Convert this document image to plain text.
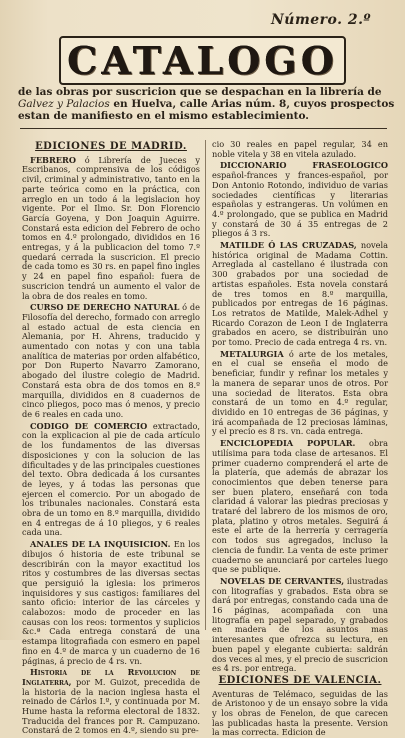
Número. 2.º
CATALOGO
de las obras por suscricion que se despachan en la librería de
Galvez y Palacios en Huelva, calle Arias núm. 8, cuyos prospectos
estan de manifiesto en el mismo establecimiento.
EDICIONES DE MADRID.

FEBRERO ó Librería de Jueces y Escribanos, comprensiva de los códigos civil, criminal y administrativo, tanto en la parte teórica como en la práctica, con arreglo en un todo á la legislacion hoy vigente. Por el Ilmo. Sr. Don Florencio García Goyena, y Don Joaquin Aguirre. Constará esta edicion del Febrero de ocho tomos en 4.º prolongado, divididos en 16 entregas, y á la publicacion del tomo 7.º quedará cerrada la suscricion. El precio de cada tomo es 30 rs. en papel fino ingles y 24 en papel fino español: fuera de suscricion tendrá un aumento el valor de la obra de dos reales en tomo.

CURSO DE DERECHO NATURAL ó de Filosofía del derecho, formado con arreglo al estado actual de esta ciencia en Alemania, por H. Ahrens, traducido y aumentado con notas y con una tabla analítica de materias por orden alfabético, por Don Ruperto Navarro Zamorano, abogado del ilustre colegio de Madrid. Constará esta obra de dos tomos en 8.º marquilla, divididos en 8 cuadernos de cinco pliegos, poco mas ó menos, y precio de 6 reales en cada uno.

CODIGO DE COMERCIO extractado, con la explicacion al pie de cada artículo de los fundamentos de las diversas disposiciones y con la solucion de las dificultades y de las principales cuestiones del texto. Obra dedicada á los cursantes de leyes, y á todas las personas que ejercen el comercio. Por un abogado de los tribunales nacionales. Constará esta obra de un tomo en 8.º marquilla, dividido en 4 entregas de á 10 pliegos, y 6 reales cada una.

ANALES DE LA INQUISICION. En los dibujos ó historia de este tribunal se describirán con la mayor exactitud los ritos y costumbres de las diversas sectas que persiguió la iglesia: los primeros inquisidores y sus castigos: familiares del santo oficio: interior de las cárceles y calabozos: modo de proceder en las causas con los reos: tormentos y suplicios &c.ª Cada entrega constará de una estampa litografiada con esmero en papel fino en 4.º de marca y un cuaderno de 16 páginas, á precio de 4 rs. vn.

Historia de la Revolucion de Inglaterra, por M. Guizot, precedida de la historia de la nacion inglesa hasta el reinado de Cárlos I.º, y continuada por M. Hume hasta la reforma electoral de 1832. Traducida del frances por R. Campuzano. Constará de 2 tomos en 4.º, siendo su pre-

cio 30 reales en papel regular, 34 en noble vitela y 38 en vitela azulado.

DICCIONARIO FRASEOLOGICO español-frances y frances-español, por Don Antonio Rotondo, individuo de varias sociedades científicas y literarias españolas y estrangeras. Un volúmen en 4.º prolongado, que se publica en Madrid y constará de 30 á 35 entregas de 2 pliegos á 3 rs.

MATILDE Ó LAS CRUZADAS, novela histórica original de Madama Cottin. Arreglada al castellano é ilustrada con 300 grabados por una sociedad de artistas españoles. Esta novela constará de tres tomos en 8.º marquilla, publicados por entregas de 16 páginas. Los retratos de Matilde, Malek-Adhel y Ricardo Corazon de Leon I de Inglaterra grabados en acero, se distribuirán uno por tomo. Precio de cada entrega 4 rs. vn.

METALURGIA ó arte de los metales, en el cual se enseña el modo de beneficiar, fundir y refinar los metales y la manera de separar unos de otros. Por una sociedad de literatos. Esta obra constará de un tomo en 4.º regular, dividido en 10 entregas de 36 páginas, y irá acompañada de 12 preciosas láminas, y el precio es 8 rs. vn. cada entrega.

ENCICLOPEDIA POPULAR. obra utilísima para toda clase de artesanos. El primer cuaderno comprenderá el arte de la platería, que además de abrazar los conocimientos que deben tenerse para ser buen platero, enseñará con toda claridad á valorar las piedras preciosas y trataré del labrero de los mismos de oro, plata, platino y otros metales. Seguirá á este el arte de la herrería y cerragería con todos sus agregados, incluso la ciencia de fundir. La venta de este primer cuaderno se anunciará por carteles luego que se publique.

NOVELAS DE CERVANTES, ilustradas con litografías y grabados. Esta obra se dará por entregas, constando cada una de 16 páginas, acompañada con una litografía en papel separado, y grabados en madera de los asuntos mas interesantes que ofrezca su lectura, en buen papel y elegante cubierta: saldrán dos veces al mes, y el precio de suscricion es 4 rs. por entrega.

EDICIONES DE VALENCIA.

Aventuras de Telémaco, seguidas de las de Aristonoo y de un ensayo sobre la vida y los obras de Fenelon, de que carecen las publicadas hasta la presente. Version la mas correcta. Edicion de
